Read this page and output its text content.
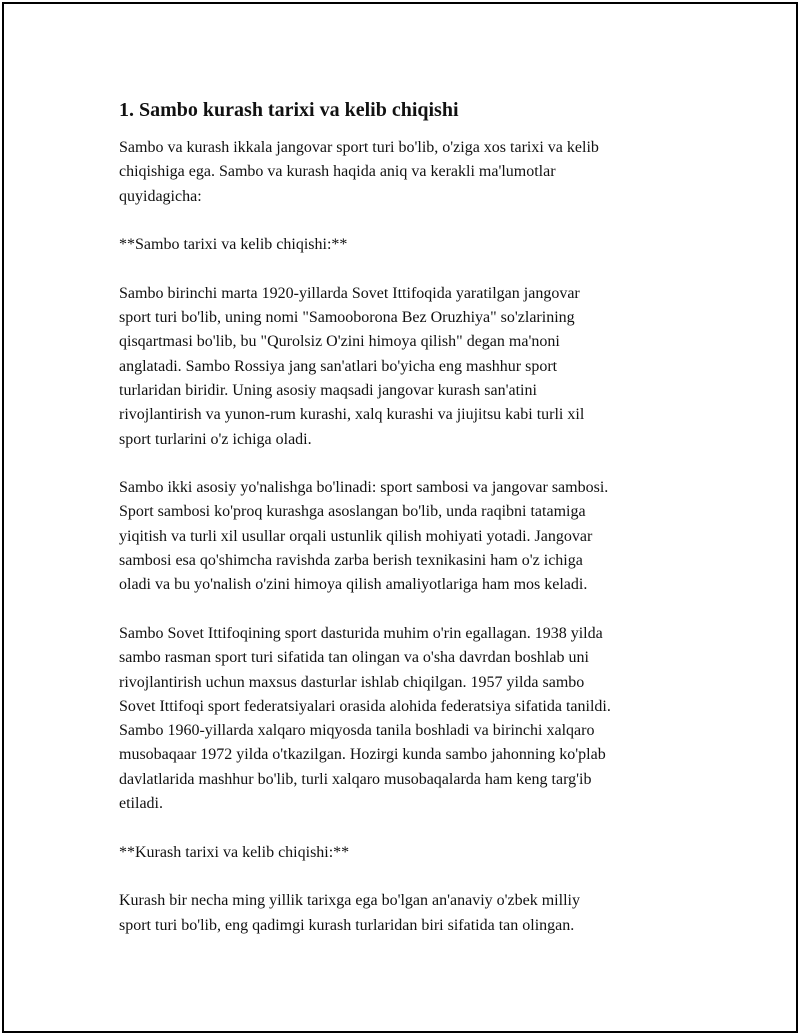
1. Sambo kurash tarixi va kelib chiqishi

Sambo va kurash ikkala jangovar sport turi bo'lib, o'ziga xos tarixi va kelib
chiqishiga ega. Sambo va kurash haqida aniq va kerakli ma'lumotlar
quyidagicha:

**Sambo tarixi va kelib chiqishi:**

Sambo birinchi marta 1920-yillarda Sovet Ittifoqida yaratilgan jangovar
sport turi bo'lib, uning nomi "Samooborona Bez Oruzhiya" so'zlarining
qisqartmasi bo'lib, bu "Qurolsiz O'zini himoya qilish" degan ma'noni
anglatadi. Sambo Rossiya jang san'atlari bo'yicha eng mashhur sport
turlaridan biridir. Uning asosiy maqsadi jangovar kurash san'atini
rivojlantirish va yunon-rum kurashi, xalq kurashi va jiujitsu kabi turli xil
sport turlarini o'z ichiga oladi.

Sambo ikki asosiy yo'nalishga bo'linadi: sport sambosi va jangovar sambosi.
Sport sambosi ko'proq kurashga asoslangan bo'lib, unda raqibni tatamiga
yiqitish va turli xil usullar orqali ustunlik qilish mohiyati yotadi. Jangovar
sambosi esa qo'shimcha ravishda zarba berish texnikasini ham o'z ichiga
oladi va bu yo'nalish o'zini himoya qilish amaliyotlariga ham mos keladi.

Sambo Sovet Ittifoqining sport dasturida muhim o'rin egallagan. 1938 yilda
sambo rasman sport turi sifatida tan olingan va o'sha davrdan boshlab uni
rivojlantirish uchun maxsus dasturlar ishlab chiqilgan. 1957 yilda sambo
Sovet Ittifoqi sport federatsiyalari orasida alohida federatsiya sifatida tanildi.
Sambo 1960-yillarda xalqaro miqyosda tanila boshladi va birinchi xalqaro
musobaqaar 1972 yilda o'tkazilgan. Hozirgi kunda sambo jahonning ko'plab
davlatlarida mashhur bo'lib, turli xalqaro musobaqalarda ham keng targ'ib
etiladi.

**Kurash tarixi va kelib chiqishi:**

Kurash bir necha ming yillik tarixga ega bo'lgan an'anaviy o'zbek milliy
sport turi bo'lib, eng qadimgi kurash turlaridan biri sifatida tan olingan.
